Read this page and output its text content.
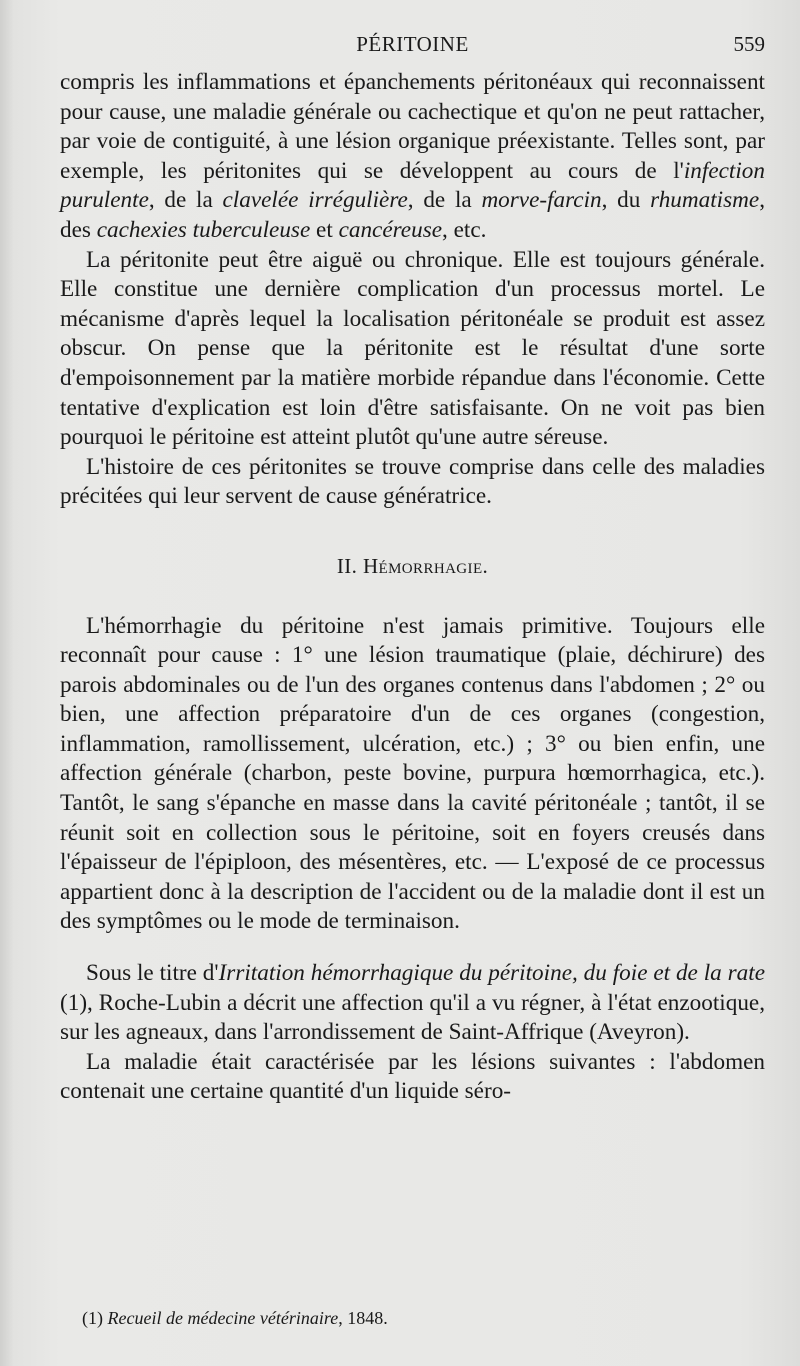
PÉRITOINE	559

compris les inflammations et épanchements péritonéaux qui reconnaissent pour cause, une maladie générale ou cachectique et qu'on ne peut rattacher, par voie de contiguité, à une lésion organique préexistante. Telles sont, par exemple, les péritonites qui se développent au cours de l'infection purulente, de la clavelée irrégulière, de la morve-farcin, du rhumatisme, des cachexies tuberculeuse et cancéreuse, etc.

La péritonite peut être aiguë ou chronique. Elle est toujours générale. Elle constitue une dernière complication d'un processus mortel. Le mécanisme d'après lequel la localisation péritonéale se produit est assez obscur. On pense que la péritonite est le résultat d'une sorte d'empoisonnement par la matière morbide répandue dans l'économie. Cette tentative d'explication est loin d'être satisfaisante. On ne voit pas bien pourquoi le péritoine est atteint plutôt qu'une autre séreuse.

L'histoire de ces péritonites se trouve comprise dans celle des maladies précitées qui leur servent de cause génératrice.

II. Hémorrhagie.

L'hémorrhagie du péritoine n'est jamais primitive. Toujours elle reconnaît pour cause : 1° une lésion traumatique (plaie, déchirure) des parois abdominales ou de l'un des organes contenus dans l'abdomen ; 2° ou bien, une affection préparatoire d'un de ces organes (congestion, inflammation, ramollissement, ulcération, etc.) ; 3° ou bien enfin, une affection générale (charbon, peste bovine, purpura hœmorrhagica, etc.). Tantôt, le sang s'épanche en masse dans la cavité péritonéale ; tantôt, il se réunit soit en collection sous le péritoine, soit en foyers creusés dans l'épaisseur de l'épiploon, des mésentères, etc. — L'exposé de ce processus appartient donc à la description de l'accident ou de la maladie dont il est un des symptômes ou le mode de terminaison.

Sous le titre d'Irritation hémorrhagique du péritoine, du foie et de la rate (1), Roche-Lubin a décrit une affection qu'il a vu régner, à l'état enzootique, sur les agneaux, dans l'arrondissement de Saint-Affrique (Aveyron).

La maladie était caractérisée par les lésions suivantes : l'abdomen contenait une certaine quantité d'un liquide séro-

(1) Recueil de médecine vétérinaire, 1848.
